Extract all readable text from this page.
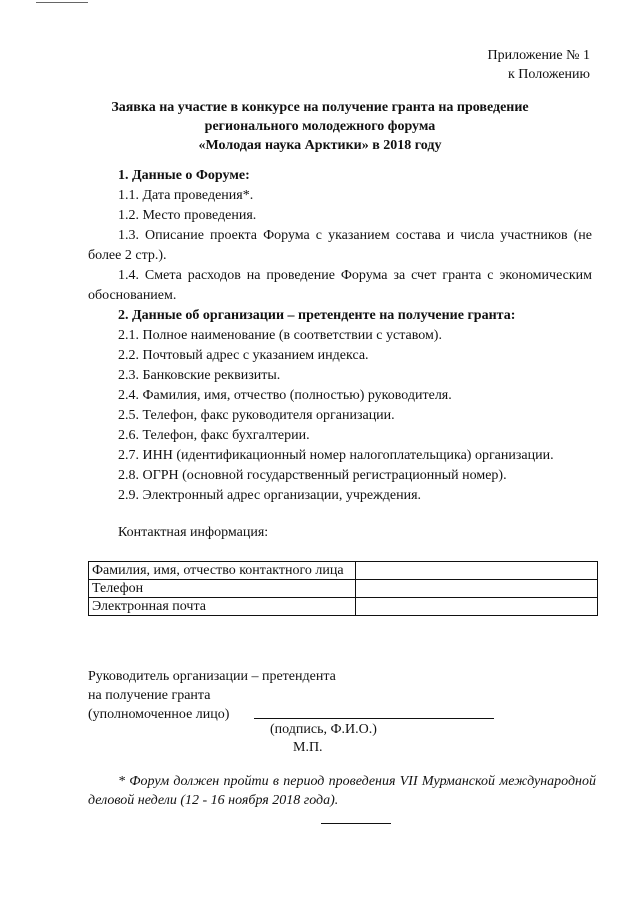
Приложение № 1
к Положению
Заявка на участие в конкурсе на получение гранта на проведение
регионального молодежного форума
«Молодая наука Арктики» в 2018 году

1. Данные о Форуме:

1.1. Дата проведения*.

1.2. Место проведения.

1.3. Описание проекта Форума с указанием состава и числа участников (не более 2 стр.).

1.4. Смета расходов на проведение Форума за счет гранта с экономическим обоснованием.

2. Данные об организации – претенденте на получение гранта:

2.1. Полное наименование (в соответствии с уставом).

2.2. Почтовый адрес с указанием индекса.

2.3. Банковские реквизиты.

2.4. Фамилия, имя, отчество (полностью) руководителя.

2.5. Телефон, факс руководителя организации.

2.6. Телефон, факс бухгалтерии.

2.7. ИНН (идентификационный номер налогоплательщика) организации.

2.8. ОГРН (основной государственный регистрационный номер).

2.9. Электронный адрес организации, учреждения.

Контактная информация:
Фамилия, имя, отчество контактного лица	
Телефон	
Электронная почта	
Руководитель организации – претендента
на получение гранта
(уполномоченное лицо)
(подпись, Ф.И.О.)
М.П.
* Форум должен пройти в период проведения VII Мурманской международной деловой недели (12 - 16 ноября 2018 года).
